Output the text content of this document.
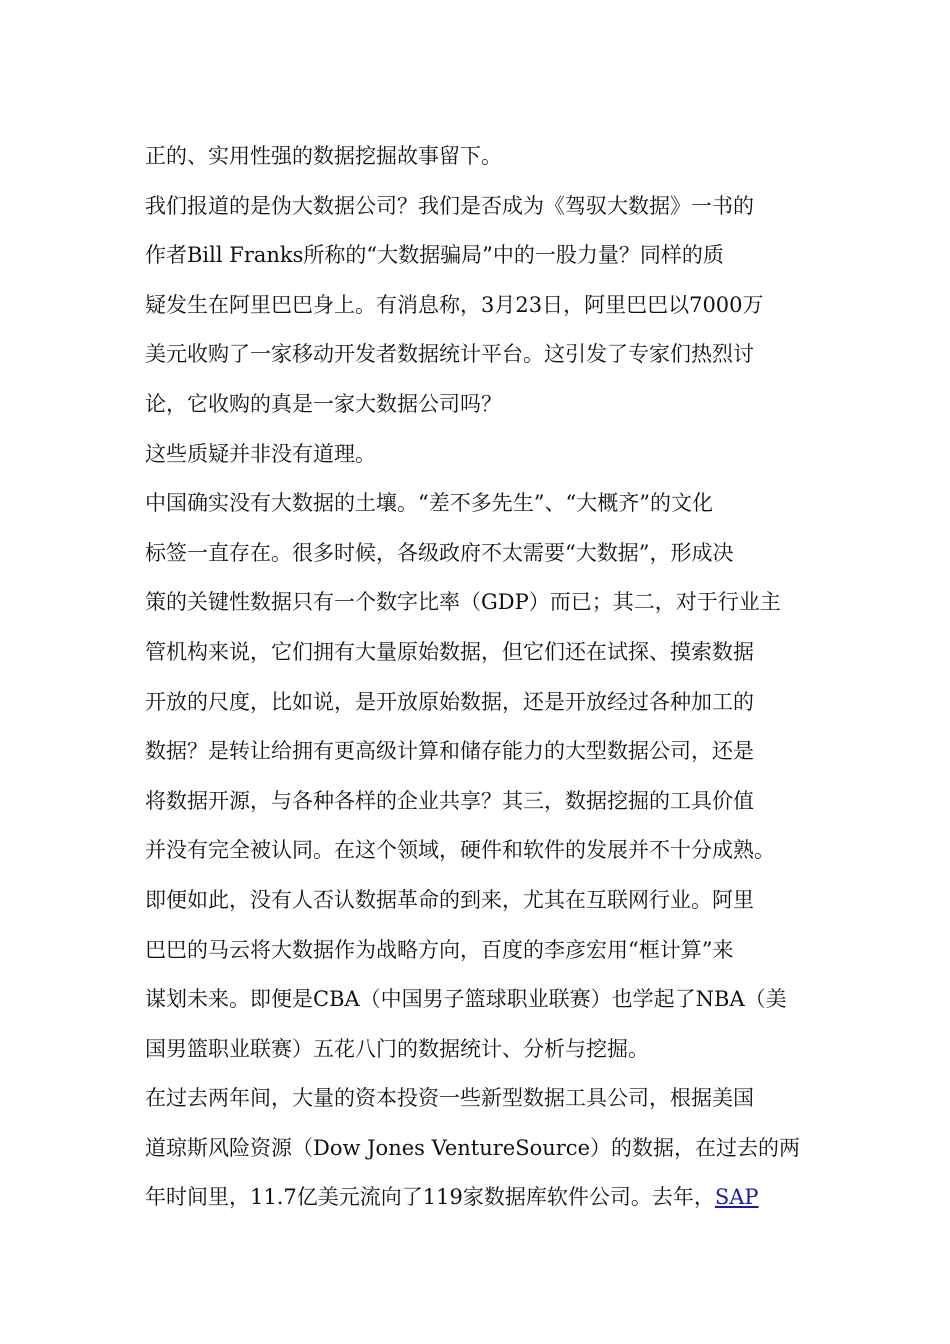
正的、实用性强的数据挖掘故事留下。

我们报道的是伪大数据公司？我们是否成为《驾驭大数据》一书的
作者Bill Franks所称的“大数据骗局”中的一股力量？同样的质
疑发生在阿里巴巴身上。有消息称，3月23日，阿里巴巴以7000万
美元收购了一家移动开发者数据统计平台。这引发了专家们热烈讨
论，它收购的真是一家大数据公司吗？

这些质疑并非没有道理。

中国确实没有大数据的土壤。“差不多先生”、“大概齐”的文化
标签一直存在。很多时候，各级政府不太需要“大数据”，形成决
策的关键性数据只有一个数字比率（GDP）而已；其二，对于行业主
管机构来说，它们拥有大量原始数据，但它们还在试探、摸索数据
开放的尺度，比如说，是开放原始数据，还是开放经过各种加工的
数据？是转让给拥有更高级计算和储存能力的大型数据公司，还是
将数据开源，与各种各样的企业共享？其三，数据挖掘的工具价值
并没有完全被认同。在这个领域，硬件和软件的发展并不十分成熟。

即便如此，没有人否认数据革命的到来，尤其在互联网行业。阿里
巴巴的马云将大数据作为战略方向，百度的李彦宏用“框计算”来
谋划未来。即便是CBA（中国男子篮球职业联赛）也学起了NBA（美
国男篮职业联赛）五花八门的数据统计、分析与挖掘。

在过去两年间，大量的资本投资一些新型数据工具公司，根据美国
道琼斯风险资源（Dow Jones VentureSource）的数据，在过去的两
年时间里，11.7亿美元流向了119家数据库软件公司。去年，SAP
